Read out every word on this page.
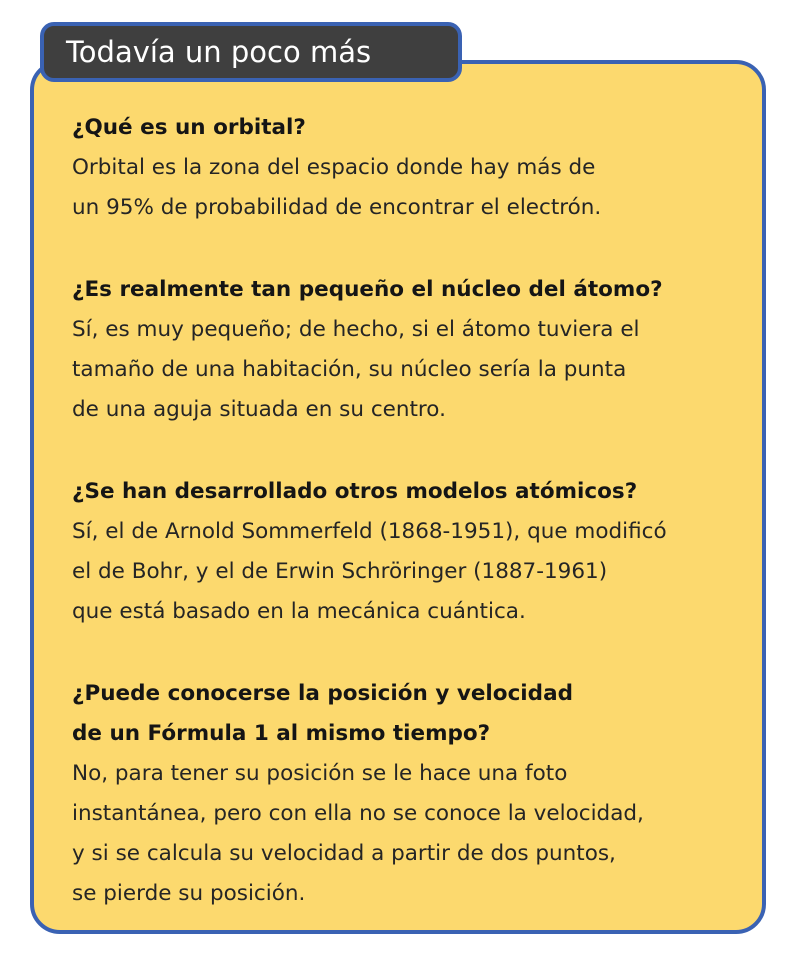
Todavía un poco más
¿Qué es un orbital?
Orbital es la zona del espacio donde hay más de
un 95% de probabilidad de encontrar el electrón.
¿Es realmente tan pequeño el núcleo del átomo?
Sí, es muy pequeño; de hecho, si el átomo tuviera el
tamaño de una habitación, su núcleo sería la punta
de una aguja situada en su centro.
¿Se han desarrollado otros modelos atómicos?
Sí, el de Arnold Sommerfeld (1868-1951), que modificó
el de Bohr, y el de Erwin Schröringer (1887-1961)
que está basado en la mecánica cuántica.
¿Puede conocerse la posición y velocidad
de un Fórmula 1 al mismo tiempo?
No, para tener su posición se le hace una foto
instantánea, pero con ella no se conoce la velocidad,
y si se calcula su velocidad a partir de dos puntos,
se pierde su posición.
